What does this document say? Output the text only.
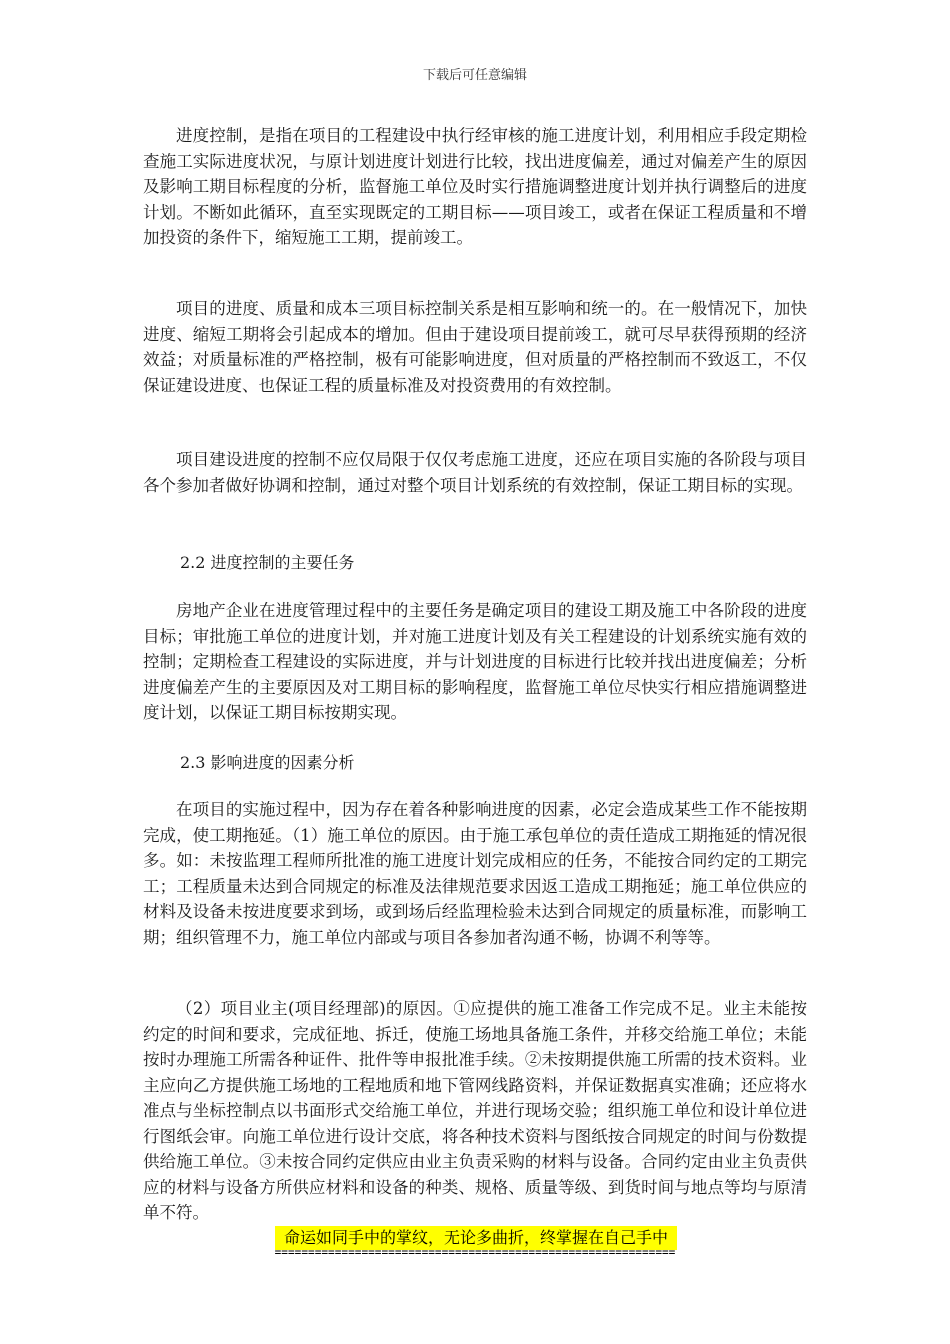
下载后可任意编辑

进度控制，是指在项目的工程建设中执行经审核的施工进度计划，利用相应手段定期检查施工实际进度状况，与原计划进度计划进行比较，找出进度偏差，通过对偏差产生的原因及影响工期目标程度的分析，监督施工单位及时实行措施调整进度计划并执行调整后的进度计划。不断如此循环，直至实现既定的工期目标——项目竣工，或者在保证工程质量和不增加投资的条件下，缩短施工工期，提前竣工。

项目的进度、质量和成本三项目标控制关系是相互影响和统一的。在一般情况下，加快进度、缩短工期将会引起成本的增加。但由于建设项目提前竣工，就可尽早获得预期的经济效益；对质量标准的严格控制，极有可能影响进度，但对质量的严格控制而不致返工，不仅保证建设进度、也保证工程的质量标准及对投资费用的有效控制。

项目建设进度的控制不应仅局限于仅仅考虑施工进度，还应在项目实施的各阶段与项目各个参加者做好协调和控制，通过对整个项目计划系统的有效控制，保证工期目标的实现。

2.2 进度控制的主要任务

房地产企业在进度管理过程中的主要任务是确定项目的建设工期及施工中各阶段的进度目标；审批施工单位的进度计划，并对施工进度计划及有关工程建设的计划系统实施有效的控制；定期检查工程建设的实际进度，并与计划进度的目标进行比较并找出进度偏差；分析进度偏差产生的主要原因及对工期目标的影响程度，监督施工单位尽快实行相应措施调整进度计划，以保证工期目标按期实现。

2.3 影响进度的因素分析

在项目的实施过程中，因为存在着各种影响进度的因素，必定会造成某些工作不能按期完成，使工期拖延。（1）施工单位的原因。由于施工承包单位的责任造成工期拖延的情况很多。如：未按监理工程师所批准的施工进度计划完成相应的任务，不能按合同约定的工期完工；工程质量未达到合同规定的标准及法律规范要求因返工造成工期拖延；施工单位供应的材料及设备未按进度要求到场，或到场后经监理检验未达到合同规定的质量标准，而影响工期；组织管理不力，施工单位内部或与项目各参加者沟通不畅，协调不利等等。

（2）项目业主(项目经理部)的原因。①应提供的施工准备工作完成不足。业主未能按约定的时间和要求，完成征地、拆迁，使施工场地具备施工条件，并移交给施工单位；未能按时办理施工所需各种证件、批件等申报批准手续。②未按期提供施工所需的技术资料。业主应向乙方提供施工场地的工程地质和地下管网线路资料，并保证数据真实准确；还应将水准点与坐标控制点以书面形式交给施工单位，并进行现场交验；组织施工单位和设计单位进行图纸会审。向施工单位进行设计交底，将各种技术资料与图纸按合同规定的时间与份数提供给施工单位。③未按合同约定供应由业主负责采购的材料与设备。合同约定由业主负责供应的材料与设备方所供应材料和设备的种类、规格、质量等级、到货时间与地点等均与原清单不符。

命运如同手中的掌纹，无论多曲折，终掌握在自己手中
============================================================
